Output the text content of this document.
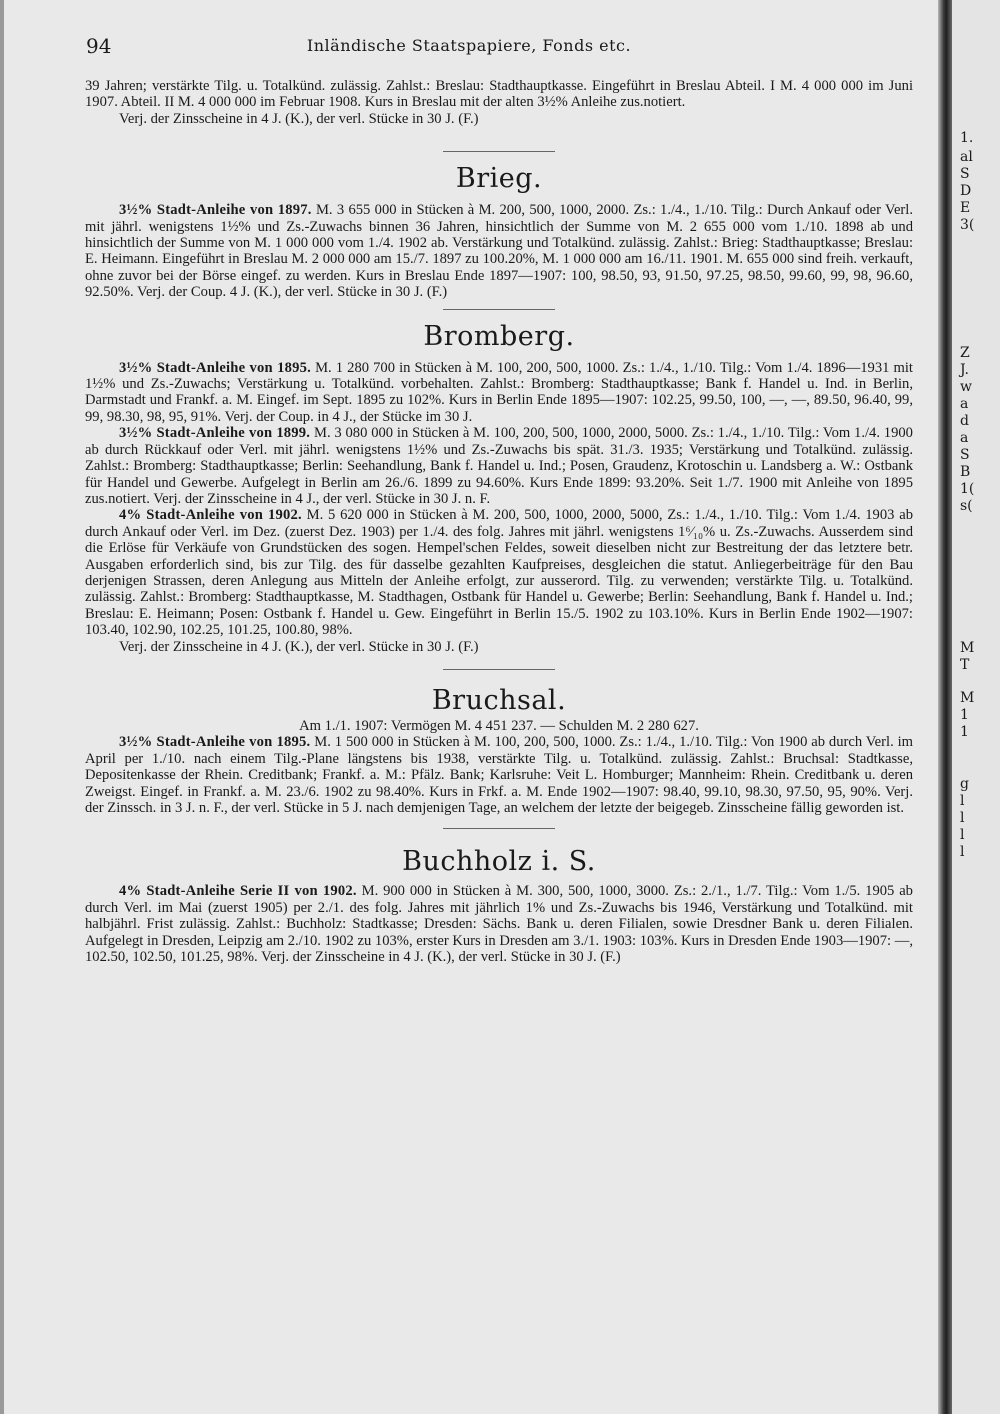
94	Inländische Staatspapiere, Fonds etc.

39 Jahren; verstärkte Tilg. u. Totalkünd. zulässig. Zahlst.: Breslau: Stadthauptkasse. Eingeführt in Breslau Abteil. I M. 4 000 000 im Juni 1907. Abteil. II M. 4 000 000 im Februar 1908. Kurs in Breslau mit der alten 3½% Anleihe zus.notiert.

Verj. der Zinsscheine in 4 J. (K.), der verl. Stücke in 30 J. (F.)

Brieg.

3½% Stadt-Anleihe von 1897. M. 3 655 000 in Stücken à M. 200, 500, 1000, 2000. Zs.: 1./4., 1./10. Tilg.: Durch Ankauf oder Verl. mit jährl. wenigstens 1½% und Zs.-Zuwachs binnen 36 Jahren, hinsichtlich der Summe von M. 2 655 000 vom 1./10. 1898 ab und hinsichtlich der Summe von M. 1 000 000 vom 1./4. 1902 ab. Verstärkung und Totalkünd. zulässig. Zahlst.: Brieg: Stadthauptkasse; Breslau: E. Heimann. Eingeführt in Breslau M. 2 000 000 am 15./7. 1897 zu 100.20%, M. 1 000 000 am 16./11. 1901. M. 655 000 sind freih. verkauft, ohne zuvor bei der Börse eingef. zu werden. Kurs in Breslau Ende 1897—1907: 100, 98.50, 93, 91.50, 97.25, 98.50, 99.60, 99, 98, 96.60, 92.50%. Verj. der Coup. 4 J. (K.), der verl. Stücke in 30 J. (F.)

Bromberg.

3½% Stadt-Anleihe von 1895. M. 1 280 700 in Stücken à M. 100, 200, 500, 1000. Zs.: 1./4., 1./10. Tilg.: Vom 1./4. 1896—1931 mit 1½% und Zs.-Zuwachs; Verstärkung u. Totalkünd. vorbehalten. Zahlst.: Bromberg: Stadthauptkasse; Bank f. Handel u. Ind. in Berlin, Darmstadt und Frankf. a. M. Eingef. im Sept. 1895 zu 102%. Kurs in Berlin Ende 1895—1907: 102.25, 99.50, 100, —, —, 89.50, 96.40, 99, 99, 98.30, 98, 95, 91%. Verj. der Coup. in 4 J., der Stücke im 30 J.

3½% Stadt-Anleihe von 1899. M. 3 080 000 in Stücken à M. 100, 200, 500, 1000, 2000, 5000. Zs.: 1./4., 1./10. Tilg.: Vom 1./4. 1900 ab durch Rückkauf oder Verl. mit jährl. wenigstens 1½% und Zs.-Zuwachs bis spät. 31./3. 1935; Verstärkung und Totalkünd. zulässig. Zahlst.: Bromberg: Stadthauptkasse; Berlin: Seehandlung, Bank f. Handel u. Ind.; Posen, Graudenz, Krotoschin u. Landsberg a. W.: Ostbank für Handel und Gewerbe. Aufgelegt in Berlin am 26./6. 1899 zu 94.60%. Kurs Ende 1899: 93.20%. Seit 1./7. 1900 mit Anleihe von 1895 zus.notiert. Verj. der Zinsscheine in 4 J., der verl. Stücke in 30 J. n. F.

4% Stadt-Anleihe von 1902. M. 5 620 000 in Stücken à M. 200, 500, 1000, 2000, 5000, Zs.: 1./4., 1./10. Tilg.: Vom 1./4. 1903 ab durch Ankauf oder Verl. im Dez. (zuerst Dez. 1903) per 1./4. des folg. Jahres mit jährl. wenigstens 1⁶⁄₁₀% u. Zs.-Zuwachs. Ausserdem sind die Erlöse für Verkäufe von Grundstücken des sogen. Hempel'schen Feldes, soweit dieselben nicht zur Bestreitung der das letztere betr. Ausgaben erforderlich sind, bis zur Tilg. des für dasselbe gezahlten Kaufpreises, desgleichen die statut. Anliegerbeiträge für den Bau derjenigen Strassen, deren Anlegung aus Mitteln der Anleihe erfolgt, zur ausserord. Tilg. zu verwenden; verstärkte Tilg. u. Totalkünd. zulässig. Zahlst.: Bromberg: Stadthauptkasse, M. Stadthagen, Ostbank für Handel u. Gewerbe; Berlin: Seehandlung, Bank f. Handel u. Ind.; Breslau: E. Heimann; Posen: Ostbank f. Handel u. Gew. Eingeführt in Berlin 15./5. 1902 zu 103.10%. Kurs in Berlin Ende 1902—1907: 103.40, 102.90, 102.25, 101.25, 100.80, 98%.

Verj. der Zinsscheine in 4 J. (K.), der verl. Stücke in 30 J. (F.)

Bruchsal.

Am 1./1. 1907: Vermögen M. 4 451 237. — Schulden M. 2 280 627.

3½% Stadt-Anleihe von 1895. M. 1 500 000 in Stücken à M. 100, 200, 500, 1000. Zs.: 1./4., 1./10. Tilg.: Von 1900 ab durch Verl. im April per 1./10. nach einem Tilg.-Plane längstens bis 1938, verstärkte Tilg. u. Totalkünd. zulässig. Zahlst.: Bruchsal: Stadtkasse, Depositenkasse der Rhein. Creditbank; Frankf. a. M.: Pfälz. Bank; Karlsruhe: Veit L. Homburger; Mannheim: Rhein. Creditbank u. deren Zweigst. Eingef. in Frankf. a. M. 23./6. 1902 zu 98.40%. Kurs in Frkf. a. M. Ende 1902—1907: 98.40, 99.10, 98.30, 97.50, 95, 90%. Verj. der Zinssch. in 3 J. n. F., der verl. Stücke in 5 J. nach demjenigen Tage, an welchem der letzte der beigegeb. Zinsscheine fällig geworden ist.

Buchholz i. S.

4% Stadt-Anleihe Serie II von 1902. M. 900 000 in Stücken à M. 300, 500, 1000, 3000. Zs.: 2./1., 1./7. Tilg.: Vom 1./5. 1905 ab durch Verl. im Mai (zuerst 1905) per 2./1. des folg. Jahres mit jährlich 1% und Zs.-Zuwachs bis 1946, Verstärkung und Totalkünd. mit halbjährl. Frist zulässig. Zahlst.: Buchholz: Stadtkasse; Dresden: Sächs. Bank u. deren Filialen, sowie Dresdner Bank u. deren Filialen. Aufgelegt in Dresden, Leipzig am 2./10. 1902 zu 103%, erster Kurs in Dresden am 3./1. 1903: 103%. Kurs in Dresden Ende 1903—1907: —, 102.50, 102.50, 101.25, 98%. Verj. der Zinsscheine in 4 J. (K.), der verl. Stücke in 30 J. (F.)

1.
al
S
D
E
3(
Z
J.
w
a
d
a
S
B
1(
s(
M
T
M
1
1
g
l
l
l
l
